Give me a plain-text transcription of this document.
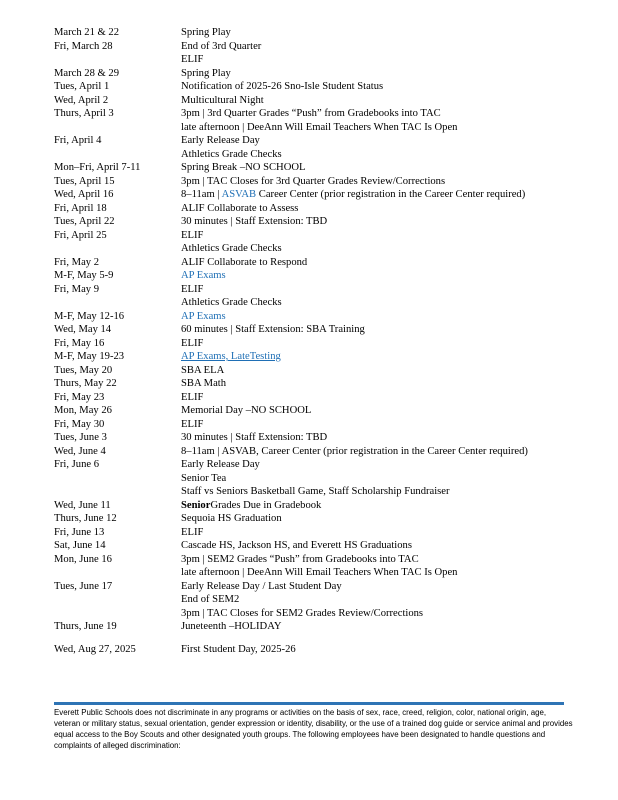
March 21 & 22	Spring Play
Fri, March 28	End of 3rd Quarter
ELIF
March 28 & 29	Spring Play
Tues, April 1	Notification of 2025-26 Sno-Isle Student Status
Wed, April 2	Multicultural Night
Thurs, April 3	3pm | 3rd Quarter Grades “Push” from Gradebooks into TAC
late afternoon | DeeAnn Will Email Teachers When TAC Is Open
Fri, April 4	Early Release Day
Athletics Grade Checks
Mon–Fri, April 7-11	Spring Break –NO SCHOOL
Tues, April 15	3pm | TAC Closes for 3rd Quarter Grades Review/Corrections
Wed, April 16	8–11am | ASVAB Career Center (prior registration in the Career Center required)
Fri, April 18	ALIF Collaborate to Assess
Tues, April 22	30 minutes | Staff Extension: TBD
Fri, April 25	ELIF
Athletics Grade Checks
Fri, May 2	ALIF Collaborate to Respond
M-F, May 5-9	AP Exams
Fri, May 9	ELIF
Athletics Grade Checks
M-F, May 12-16	AP Exams
Wed, May 14	60 minutes | Staff Extension: SBA Training
Fri, May 16	ELIF
M-F, May 19-23	AP Exams, LateTesting
Tues, May 20	SBA ELA
Thurs, May 22	SBA Math
Fri, May 23	ELIF
Mon, May 26	Memorial Day –NO SCHOOL
Fri, May 30	ELIF
Tues, June 3	30 minutes | Staff Extension: TBD
Wed, June 4	8–11am | ASVAB, Career Center (prior registration in the Career Center required)
Fri, June 6	Early Release Day
Senior Tea
Staff vs Seniors Basketball Game, Staff Scholarship Fundraiser
Wed, June 11	SeniorGrades Due in Gradebook
Thurs, June 12	Sequoia HS Graduation
Fri, June 13	ELIF
Sat, June 14	Cascade HS, Jackson HS, and Everett HS Graduations
Mon, June 16	3pm | SEM2 Grades “Push” from Gradebooks into TAC
late afternoon | DeeAnn Will Email Teachers When TAC Is Open
Tues, June 17	Early Release Day / Last Student Day
End of SEM2
3pm | TAC Closes for SEM2 Grades Review/Corrections
Thurs, June 19	Juneteenth –HOLIDAY
Wed, Aug 27, 2025	First Student Day, 2025-26
Everett Public Schools does not discriminate in any programs or activities on the basis of sex, race, creed, religion, color, national origin, age, veteran or military status, sexual orientation, gender expression or identity, disability, or the use of a trained dog guide or service animal and provides equal access to the Boy Scouts and other designated youth groups. The following employees have been designated to handle questions and complaints of alleged discrimination:
